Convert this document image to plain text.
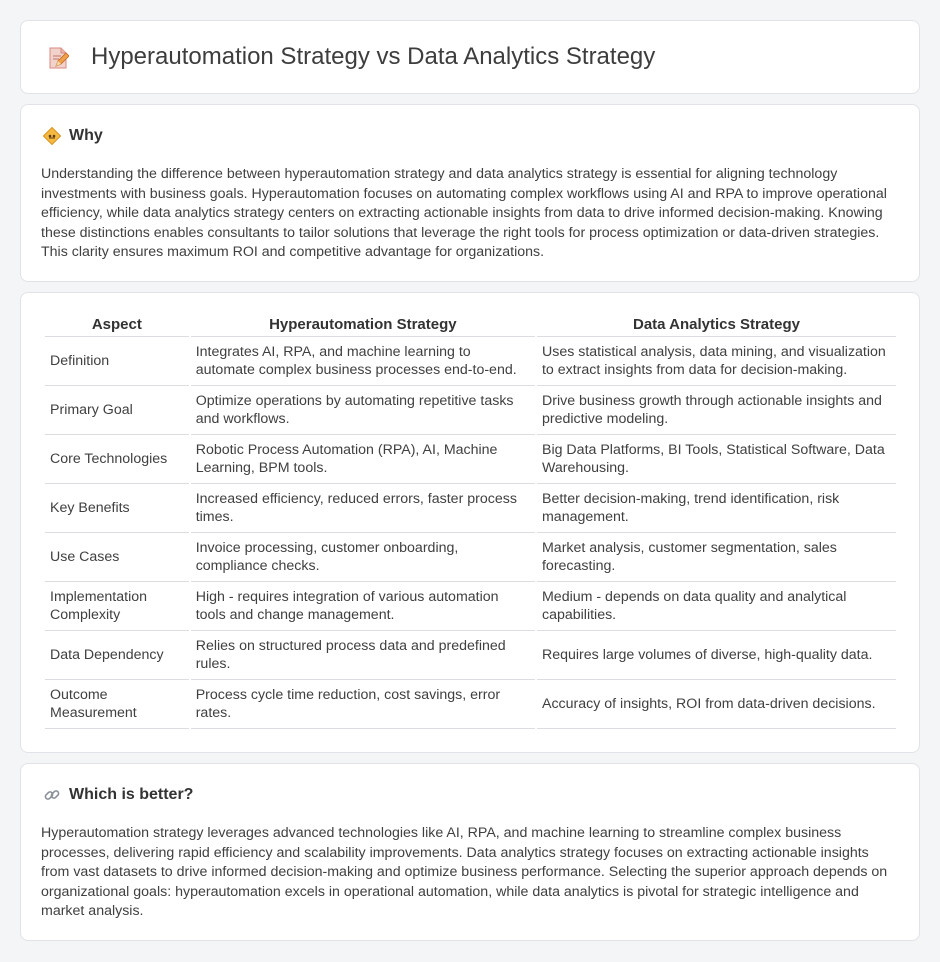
Hyperautomation Strategy vs Data Analytics Strategy
Why

Understanding the difference between hyperautomation strategy and data analytics strategy is essential for aligning technology investments with business goals. Hyperautomation focuses on automating complex workflows using AI and RPA to improve operational efficiency, while data analytics strategy centers on extracting actionable insights from data to drive informed decision-making. Knowing these distinctions enables consultants to tailor solutions that leverage the right tools for process optimization or data-driven strategies. This clarity ensures maximum ROI and competitive advantage for organizations.

Aspect	Hyperautomation Strategy	Data Analytics Strategy
Definition	Integrates AI, RPA, and machine learning to automate complex business processes end-to-end.	Uses statistical analysis, data mining, and visualization to extract insights from data for decision-making.
Primary Goal	Optimize operations by automating repetitive tasks and workflows.	Drive business growth through actionable insights and predictive modeling.
Core Technologies	Robotic Process Automation (RPA), AI, Machine Learning, BPM tools.	Big Data Platforms, BI Tools, Statistical Software, Data Warehousing.
Key Benefits	Increased efficiency, reduced errors, faster process times.	Better decision-making, trend identification, risk management.
Use Cases	Invoice processing, customer onboarding, compliance checks.	Market analysis, customer segmentation, sales forecasting.
Implementation Complexity	High - requires integration of various automation tools and change management.	Medium - depends on data quality and analytical capabilities.
Data Dependency	Relies on structured process data and predefined rules.	Requires large volumes of diverse, high-quality data.
Outcome Measurement	Process cycle time reduction, cost savings, error rates.	Accuracy of insights, ROI from data-driven decisions.
Which is better?

Hyperautomation strategy leverages advanced technologies like AI, RPA, and machine learning to streamline complex business processes, delivering rapid efficiency and scalability improvements. Data analytics strategy focuses on extracting actionable insights from vast datasets to drive informed decision-making and optimize business performance. Selecting the superior approach depends on organizational goals: hyperautomation excels in operational automation, while data analytics is pivotal for strategic intelligence and market analysis.
